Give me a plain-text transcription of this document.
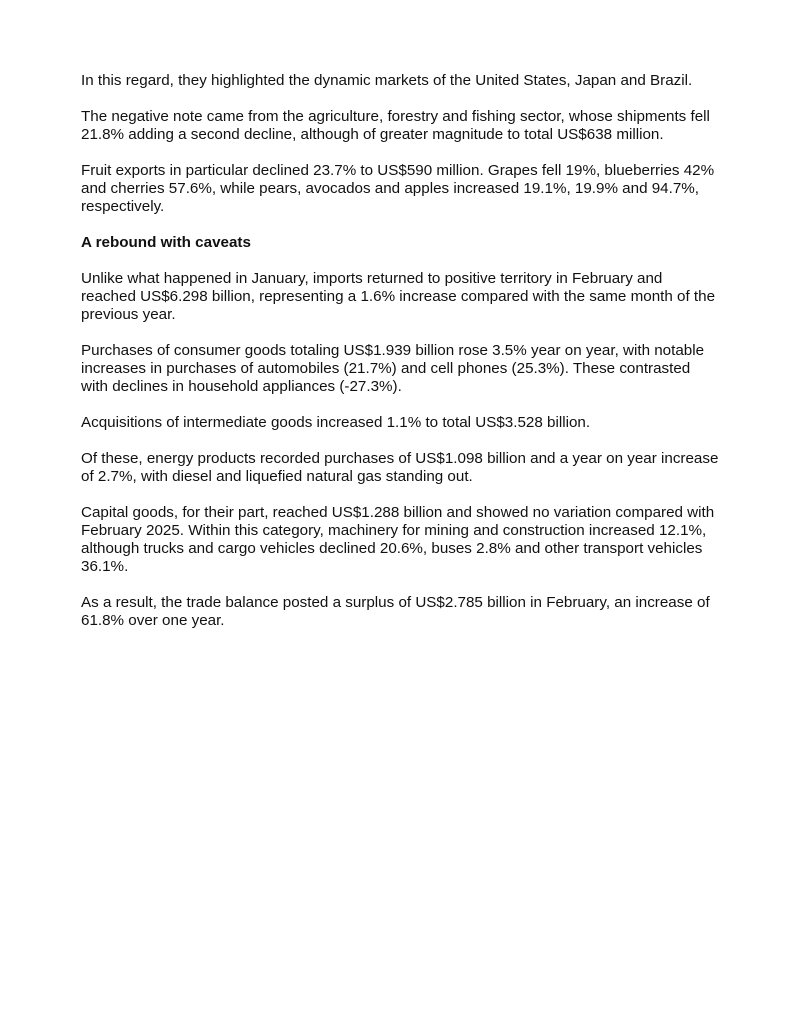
In this regard, they highlighted the dynamic markets of the United States, Japan and Brazil.

The negative note came from the agriculture, forestry and fishing sector, whose shipments fell 21.8% adding a second decline, although of greater magnitude to total US$638 million.

Fruit exports in particular declined 23.7% to US$590 million. Grapes fell 19%, blueberries 42% and cherries 57.6%, while pears, avocados and apples increased 19.1%, 19.9% and 94.7%, respectively.

A rebound with caveats

Unlike what happened in January, imports returned to positive territory in February and reached US$6.298 billion, representing a 1.6% increase compared with the same month of the previous year.

Purchases of consumer goods totaling US$1.939 billion rose 3.5% year on year, with notable increases in purchases of automobiles (21.7%) and cell phones (25.3%). These contrasted with declines in household appliances (-27.3%).

Acquisitions of intermediate goods increased 1.1% to total US$3.528 billion.

Of these, energy products recorded purchases of US$1.098 billion and a year on year increase of 2.7%, with diesel and liquefied natural gas standing out.

Capital goods, for their part, reached US$1.288 billion and showed no variation compared with February 2025. Within this category, machinery for mining and construction increased 12.1%, although trucks and cargo vehicles declined 20.6%, buses 2.8% and other transport vehicles 36.1%.

As a result, the trade balance posted a surplus of US$2.785 billion in February, an increase of 61.8% over one year.
